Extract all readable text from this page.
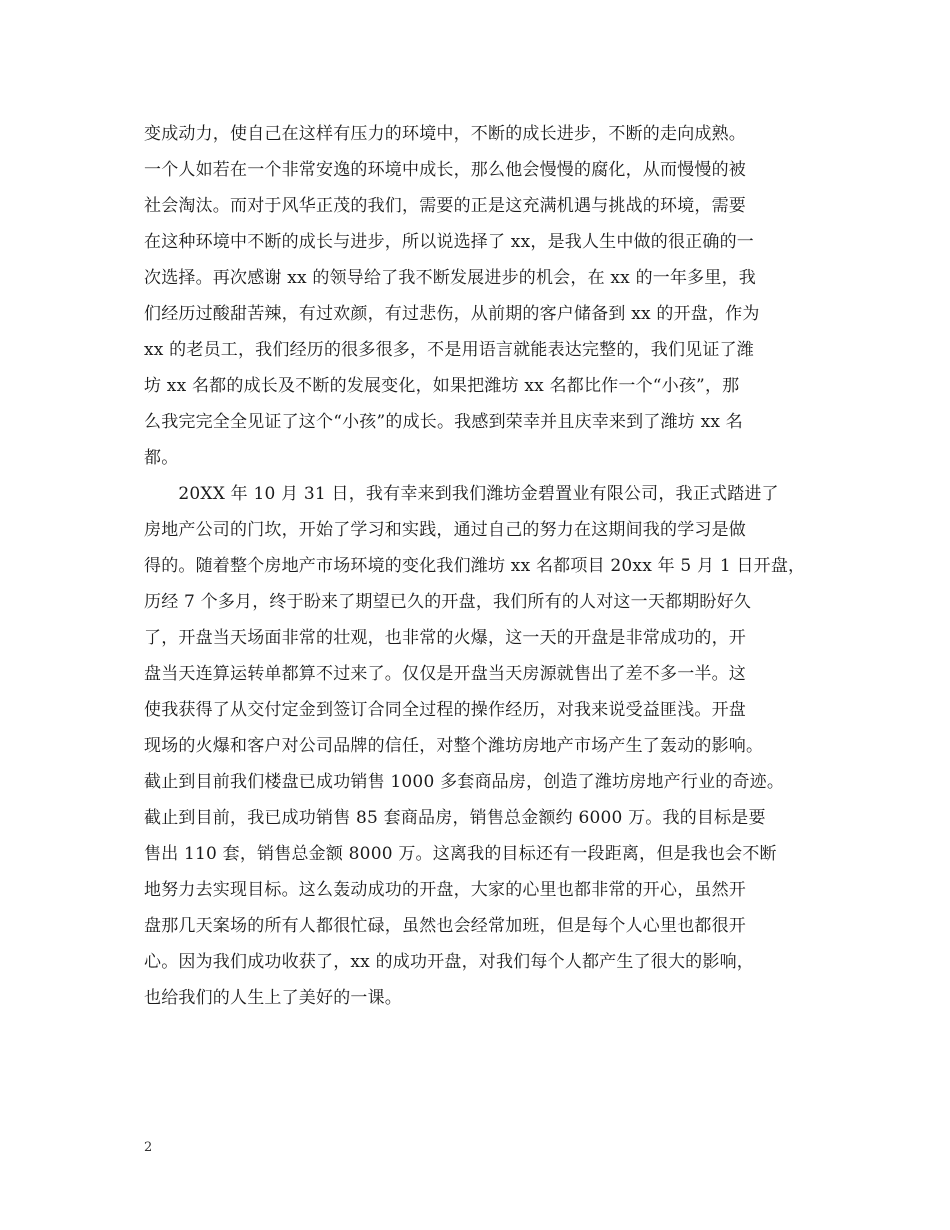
变成动力，使自己在这样有压力的环境中，不断的成长进步，不断的走向成熟。
一个人如若在一个非常安逸的环境中成长，那么他会慢慢的腐化，从而慢慢的被
社会淘汰。而对于风华正茂的我们，需要的正是这充满机遇与挑战的环境，需要
在这种环境中不断的成长与进步，所以说选择了 xx，是我人生中做的很正确的一
次选择。再次感谢 xx 的领导给了我不断发展进步的机会，在 xx 的一年多里，我
们经历过酸甜苦辣，有过欢颜，有过悲伤，从前期的客户储备到 xx 的开盘，作为
xx 的老员工，我们经历的很多很多，不是用语言就能表达完整的，我们见证了潍
坊 xx 名都的成长及不断的发展变化，如果把潍坊 xx 名都比作一个“小孩”，那
么我完完全全见证了这个“小孩”的成长。我感到荣幸并且庆幸来到了潍坊 xx 名
都。
　　20XX 年 10 月 31 日，我有幸来到我们潍坊金碧置业有限公司，我正式踏进了
房地产公司的门坎，开始了学习和实践，通过自己的努力在这期间我的学习是做
得的。随着整个房地产市场环境的变化我们潍坊 xx 名都项目 20xx 年 5 月 1 日开盘，
历经 7 个多月，终于盼来了期望已久的开盘，我们所有的人对这一天都期盼好久
了，开盘当天场面非常的壮观，也非常的火爆，这一天的开盘是非常成功的，开
盘当天连算运转单都算不过来了。仅仅是开盘当天房源就售出了差不多一半。这
使我获得了从交付定金到签订合同全过程的操作经历，对我来说受益匪浅。开盘
现场的火爆和客户对公司品牌的信任，对整个潍坊房地产市场产生了轰动的影响。
截止到目前我们楼盘已成功销售 1000 多套商品房，创造了潍坊房地产行业的奇迹。
截止到目前，我已成功销售 85 套商品房，销售总金额约 6000 万。我的目标是要
售出 110 套，销售总金额 8000 万。这离我的目标还有一段距离，但是我也会不断
地努力去实现目标。这么轰动成功的开盘，大家的心里也都非常的开心，虽然开
盘那几天案场的所有人都很忙碌，虽然也会经常加班，但是每个人心里也都很开
心。因为我们成功收获了，xx 的成功开盘，对我们每个人都产生了很大的影响，
也给我们的人生上了美好的一课。
2
